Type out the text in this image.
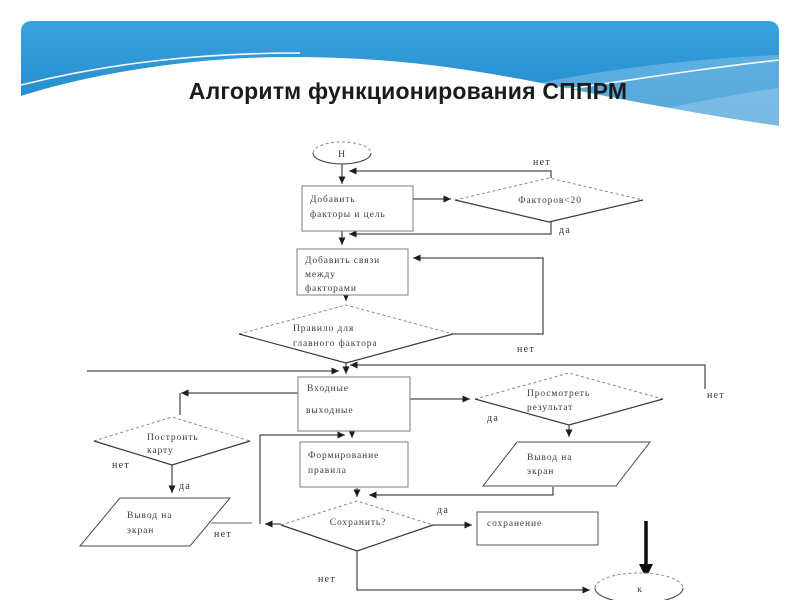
Алгоритм функционирования СППРМ
Н
Добавить
факторы и цель
Факторов<20
Добавить связи
между
факторами
Правило для
главного фактора
Входные
выходные
Просмотреть
результат
Построить
карту	Формирование
правила
Вывод на
экран
Вывод на
экран
Сохранить?	сохранение
к
нет
да
нет
нет
да
нет
да
нет
да
нет
